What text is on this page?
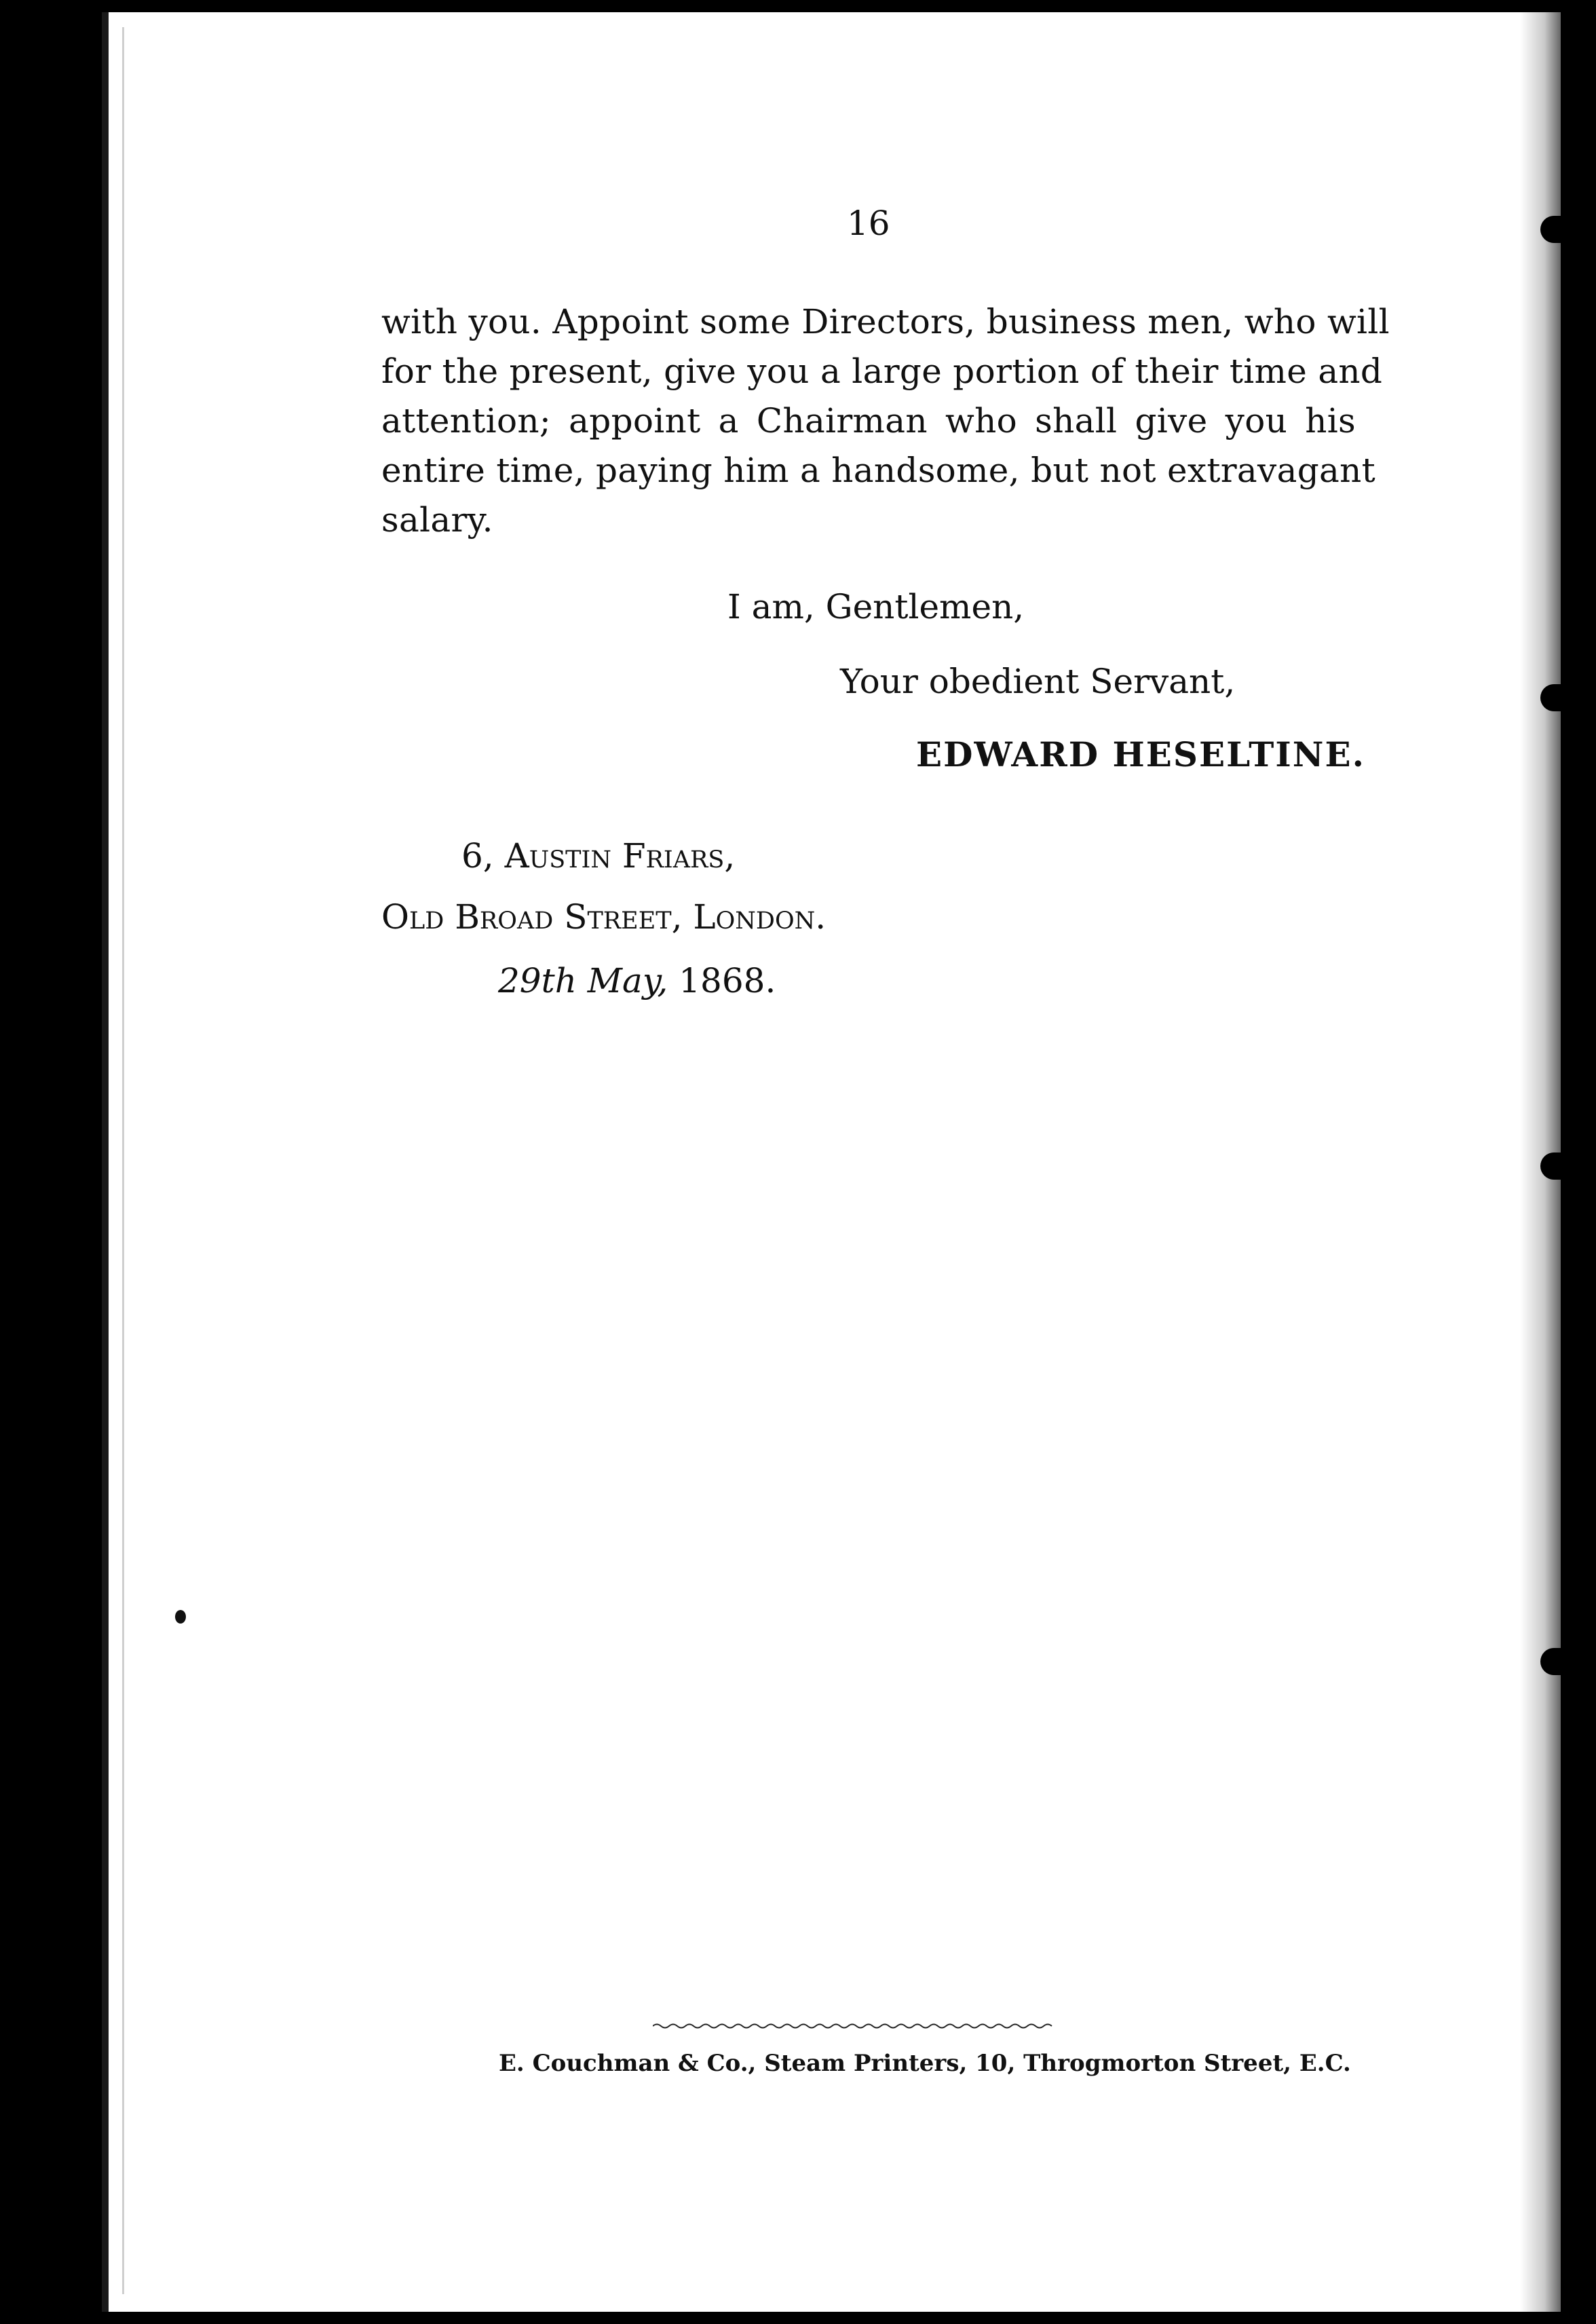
16
with you. Appoint some Directors, business men, who will
for the present, give you a large portion of their time and
attention; appoint a Chairman who shall give you his
entire time, paying him a handsome, but not extravagant
salary.
I am, Gentlemen,
Your obedient Servant,
EDWARD HESELTINE.
6, Austin Friars,
Old Broad Street, London.
29th May, 1868.
E. Couchman & Co., Steam Printers, 10, Throgmorton Street, E.C.
